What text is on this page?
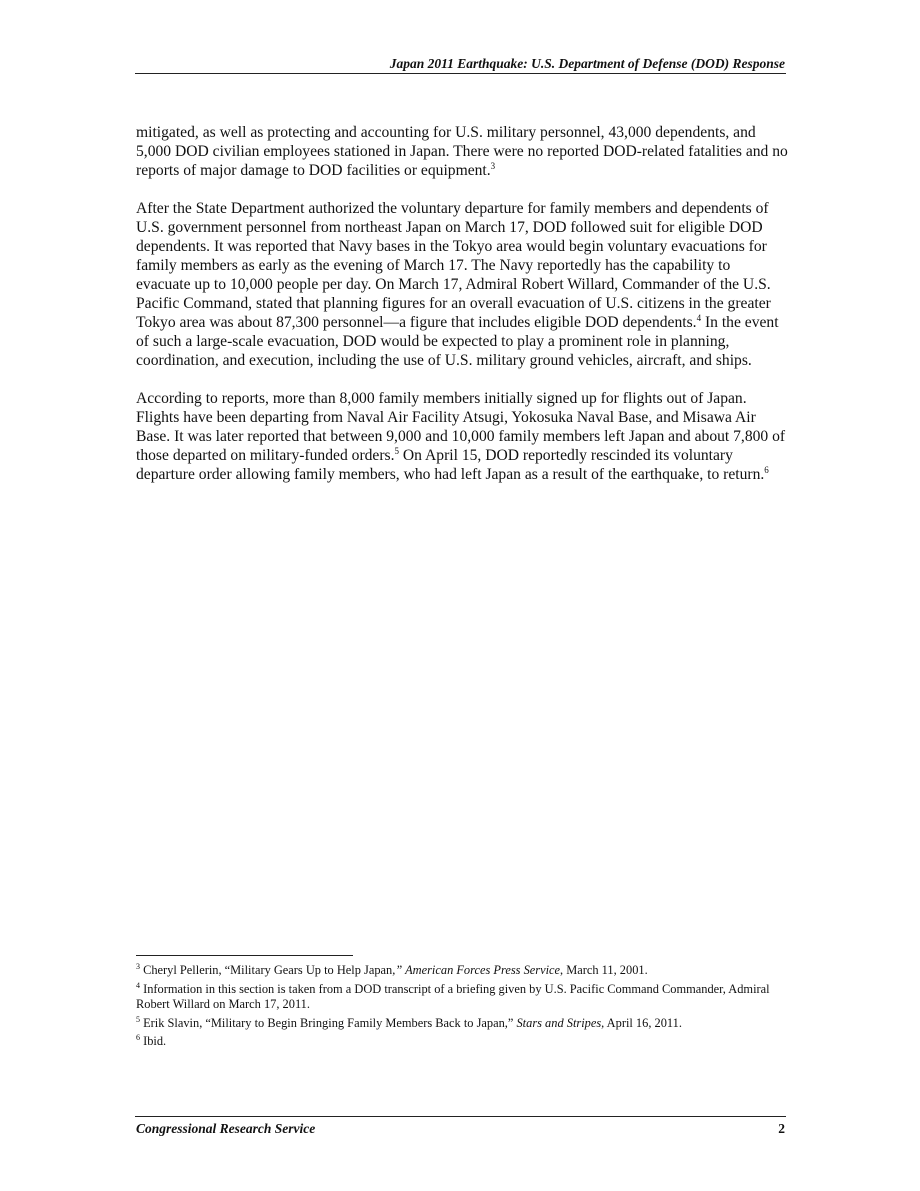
Japan 2011 Earthquake: U.S. Department of Defense (DOD) Response

mitigated, as well as protecting and accounting for U.S. military personnel, 43,000 dependents, and 5,000 DOD civilian employees stationed in Japan. There were no reported DOD-related fatalities and no reports of major damage to DOD facilities or equipment.$^3$

After the State Department authorized the voluntary departure for family members and dependents of U.S. government personnel from northeast Japan on March 17, DOD followed suit for eligible DOD dependents. It was reported that Navy bases in the Tokyo area would begin voluntary evacuations for family members as early as the evening of March 17. The Navy reportedly has the capability to evacuate up to 10,000 people per day. On March 17, Admiral Robert Willard, Commander of the U.S. Pacific Command, stated that planning figures for an overall evacuation of U.S. citizens in the greater Tokyo area was about 87,300 personnel—a figure that includes eligible DOD dependents.$^4$ In the event of such a large-scale evacuation, DOD would be expected to play a prominent role in planning, coordination, and execution, including the use of U.S. military ground vehicles, aircraft, and ships.

According to reports, more than 8,000 family members initially signed up for flights out of Japan. Flights have been departing from Naval Air Facility Atsugi, Yokosuka Naval Base, and Misawa Air Base. It was later reported that between 9,000 and 10,000 family members left Japan and about 7,800 of those departed on military-funded orders.$^5$ On April 15, DOD reportedly rescinded its voluntary departure order allowing family members, who had left Japan as a result of the earthquake, to return.$^6$

$^3$ Cheryl Pellerin, “Military Gears Up to Help Japan,” American Forces Press Service, March 11, 2001.

$^4$ Information in this section is taken from a DOD transcript of a briefing given by U.S. Pacific Command Commander, Admiral Robert Willard on March 17, 2011.

$^5$ Erik Slavin, “Military to Begin Bringing Family Members Back to Japan,” Stars and Stripes, April 16, 2011.

$^6$ Ibid.

Congressional Research Service	2
